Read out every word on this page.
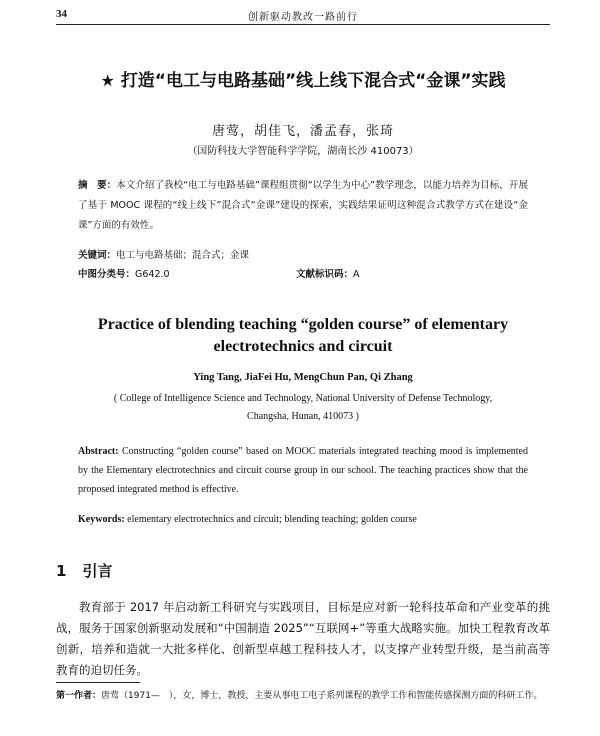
34	创新驱动教改一路前行
★ 打造“电工与电路基础”线上线下混合式“金课”实践
唐莺，胡佳飞，潘孟春，张琦
（国防科技大学智能科学学院，湖南长沙 410073）
摘　要：本文介绍了我校“电工与电路基础”课程组贯彻“以学生为中心”教学理念，以能力培养为目标，开展了基于 MOOC 课程的“线上线下”混合式“金课”建设的探索，实践结果证明这种混合式教学方式在建设“金课”方面的有效性。
关键词：电工与电路基础；混合式；金课
中图分类号：G642.0	文献标识码：A
Practice of blending teaching “golden course” of elementary electrotechnics and circuit
Ying Tang, JiaFei Hu, MengChun Pan, Qi Zhang
( College of Intelligence Science and Technology, National University of Defense Technology, Changsha, Hunan, 410073 )
Abstract: Constructing “golden course” based on MOOC materials integrated teaching mood is implemented by the Elementary electrotechnics and circuit course group in our school. The teaching practices show that the proposed integrated method is effective.
Keywords: elementary electrotechnics and circuit; blending teaching; golden course
1 引言
教育部于 2017 年启动新工科研究与实践项目，目标是应对新一轮科技革命和产业变革的挑战，服务于国家创新驱动发展和“中国制造 2025”“互联网+”等重大战略实施。加快工程教育改革创新，培养和造就一大批多样化、创新型卓越工程科技人才，以支撑产业转型升级，是当前高等教育的迫切任务。
第一作者：唐莺（1971—　），女，博士，教授，主要从事电工电子系列课程的教学工作和智能传感探测方面的科研工作。
